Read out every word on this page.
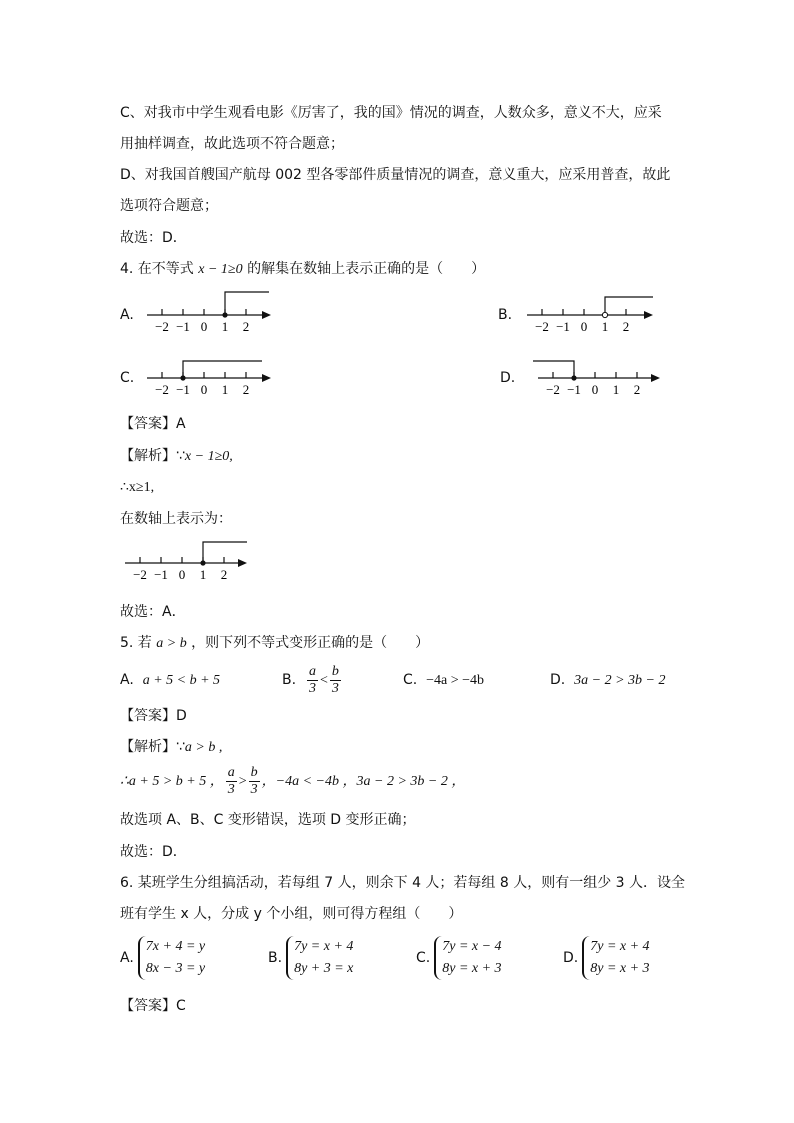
C、对我市中学生观看电影《厉害了，我的国》情况的调查，人数众多，意义不大，应采
用抽样调查，故此选项不符合题意；
D、对我国首艘国产航母 002 型各零部件质量情况的调查，意义重大，应采用普查，故此
选项符合题意；
故选：D．
4. 在不等式 x − 1≥0 的解集在数轴上表示正确的是（　　）
A.
−2 −1 0 1 2
B.
−2 −1 0 1 2
C.
−2 −1 0 1 2
D.
−2 −1 0 1 2
【答案】A
【解析】∵x − 1≥0,
∴x≥1,
在数轴上表示为：
−2 −1 0 1 2
故选：A．
5. 若 a > b ，则下列不等式变形正确的是（　　）
A. a + 5 < b + 5	B. $\frac{a}{3} < \frac{b}{3}$	C. −4a > −4b	D. 3a − 2 > 3b − 2
【答案】D
【解析】∵a > b ,
∴a + 5 > b + 5 ， $\frac{a}{3} > \frac{b}{3}$ ，−4a < −4b ，3a − 2 > 3b − 2 ，
故选项 A、B、C 变形错误，选项 D 变形正确；
故选：D．
6. 某班学生分组搞活动，若每组 7 人，则余下 4 人；若每组 8 人，则有一组少 3 人．设全
班有学生 x 人，分成 y 个小组，则可得方程组（　　）
A.
7x + 4 = y
8x − 3 = y
B.
7y = x + 4
8y + 3 = x
C.
7y = x − 4
8y = x + 3
D.
7y = x + 4
8y = x + 3
【答案】C
